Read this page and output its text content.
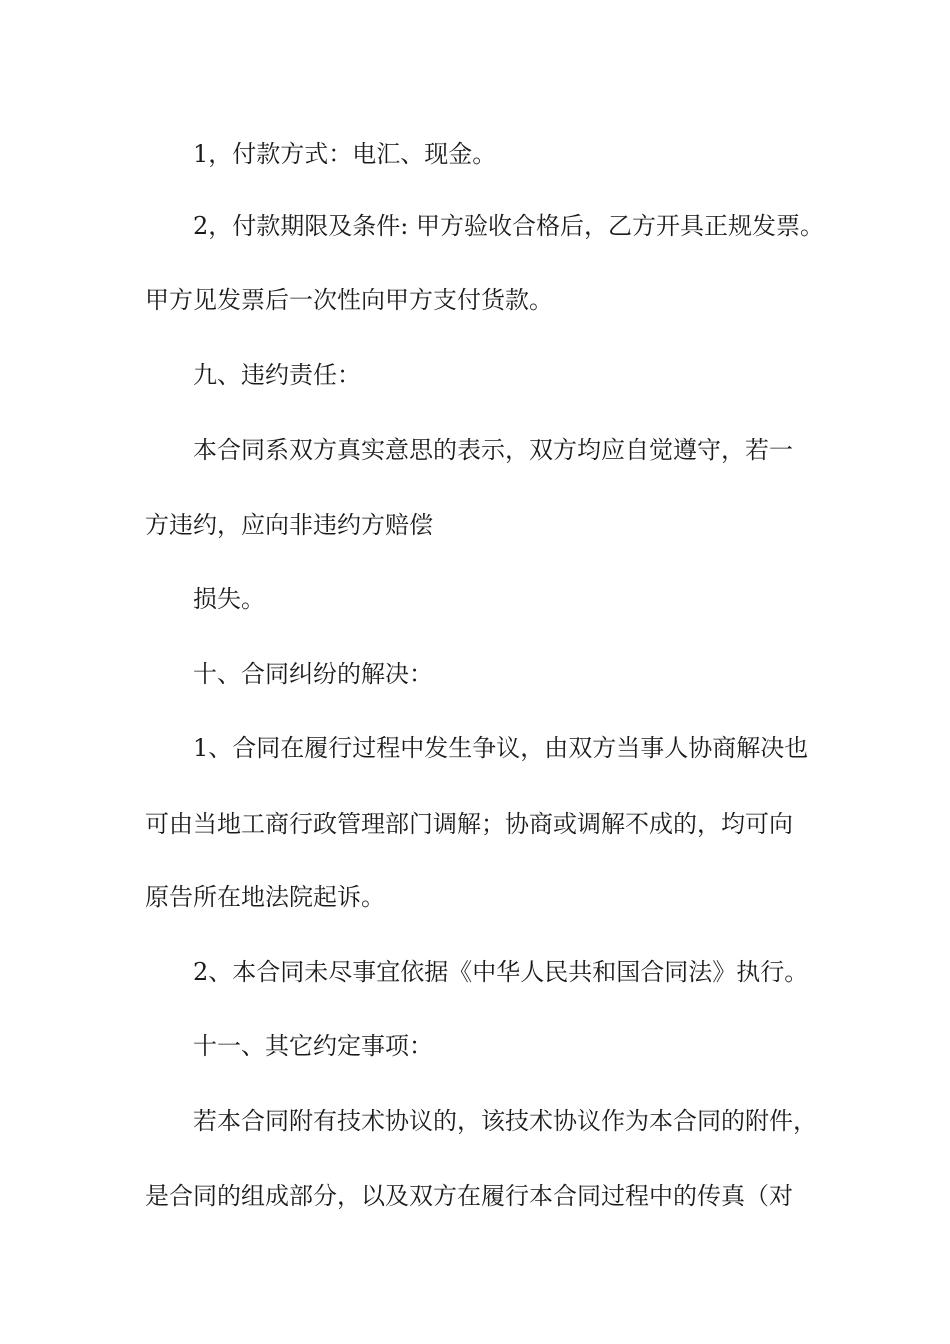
1，付款方式：电汇、现金。
2，付款期限及条件: 甲方验收合格后，乙方开具正规发票。
甲方见发票后一次性向甲方支付货款。
九、违约责任：
本合同系双方真实意思的表示，双方均应自觉遵守，若一
方违约，应向非违约方赔偿
损失。
十、合同纠纷的解决：
1、合同在履行过程中发生争议，由双方当事人协商解决也
可由当地工商行政管理部门调解；协商或调解不成的，均可向
原告所在地法院起诉。
2、本合同未尽事宜依据《中华人民共和国合同法》执行。
十一、其它约定事项：
若本合同附有技术协议的，该技术协议作为本合同的附件，
是合同的组成部分，以及双方在履行本合同过程中的传真（对
